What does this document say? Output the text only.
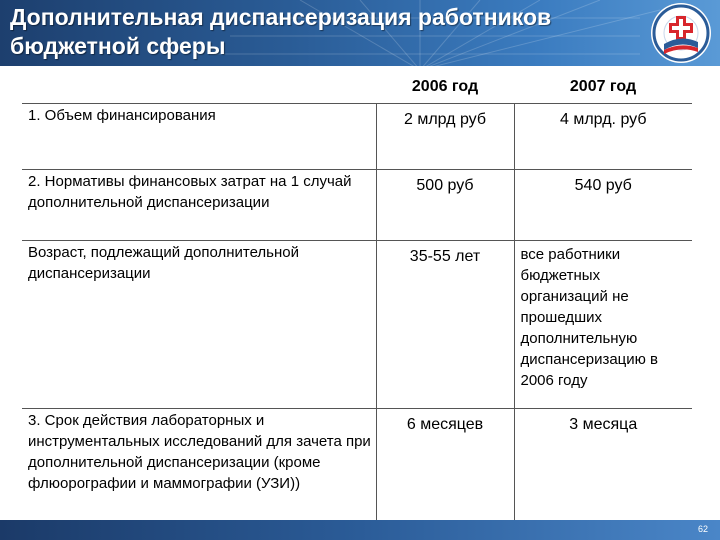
Дополнительная диспансеризация работников
бюджетной сферы
	2006 год	2007 год
1. Объем финансирования	2 млрд руб	4 млрд. руб
2. Нормативы финансовых затрат на 1 случай дополнительной диспансеризации	500 руб	540 руб
Возраст, подлежащий дополнительной диспансеризации	35-55 лет	все работники бюджетных организаций не прошедших дополнительную диспансеризацию в 2006 году
3. Срок действия лабораторных и инструментальных исследований для зачета при дополнительной диспансеризации (кроме флюорографии и маммографии (УЗИ))	6 месяцев	3 месяца
62
